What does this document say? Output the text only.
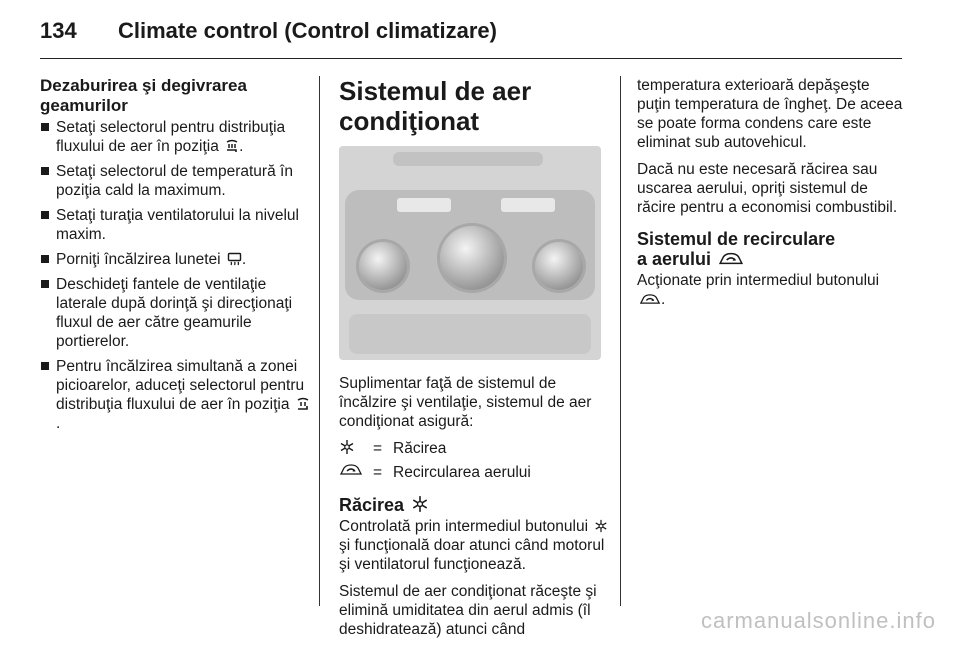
134 Climate control (Control climatizare)
Dezaburirea şi degivrarea geamurilor
Setaţi selectorul pentru distribuţia fluxului de aer în poziţia .
Setaţi selectorul de temperatură în poziţia cald la maximum.
Setaţi turaţia ventilatorului la nivelul maxim.
Porniţi încălzirea lunetei .
Deschideţi fantele de ventilaţie laterale după dorinţă şi direcţionaţi fluxul de aer către geamurile portierelor.
Pentru încălzirea simultană a zonei picioarelor, aduceţi selectorul pentru distribuţia fluxului de aer în poziţia .
Sistemul de aer
condiţionat

Suplimentar faţă de sistemul de încălzire şi ventilaţie, sistemul de aer condiţionat asigură:

= Răcirea
= Recircularea aerului
Răcirea

Controlată prin intermediul butonului  şi funcţională doar atunci când motorul şi ventilatorul funcţionează.

Sistemul de aer condiţionat răceşte şi elimină umiditatea din aerul admis (îl deshidratează) atunci când

temperatura exterioară depăşeşte puţin temperatura de îngheţ. De aceea se poate forma condens care este eliminat sub autovehicul.

Dacă nu este necesară răcirea sau uscarea aerului, opriţi sistemul de răcire pentru a economisi combustibil.

Sistemul de recirculare
a aerului

Acţionate prin intermediul butonului
.

carmanualsonline.info
